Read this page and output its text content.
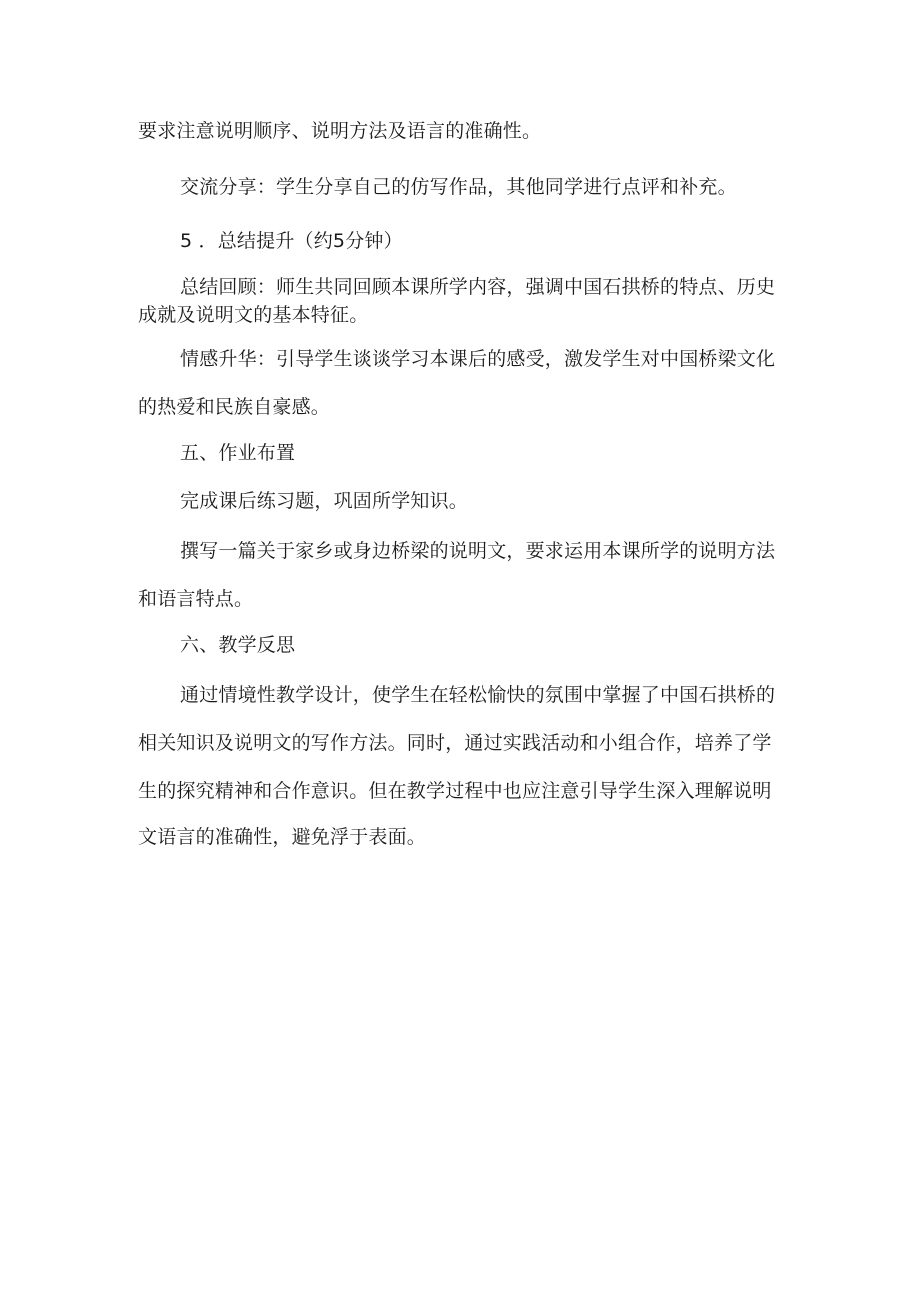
要求注意说明顺序、说明方法及语言的准确性。
交流分享：学生分享自己的仿写作品，其他同学进行点评和补充。
5 ．总结提升（约5分钟）
总结回顾：师生共同回顾本课所学内容，强调中国石拱桥的特点、历史
成就及说明文的基本特征。
情感升华：引导学生谈谈学习本课后的感受，激发学生对中国桥梁文化
的热爱和民族自豪感。
五、作业布置
完成课后练习题，巩固所学知识。
撰写一篇关于家乡或身边桥梁的说明文，要求运用本课所学的说明方法
和语言特点。
六、教学反思
通过情境性教学设计，使学生在轻松愉快的氛围中掌握了中国石拱桥的
相关知识及说明文的写作方法。同时，通过实践活动和小组合作，培养了学
生的探究精神和合作意识。但在教学过程中也应注意引导学生深入理解说明
文语言的准确性，避免浮于表面。
